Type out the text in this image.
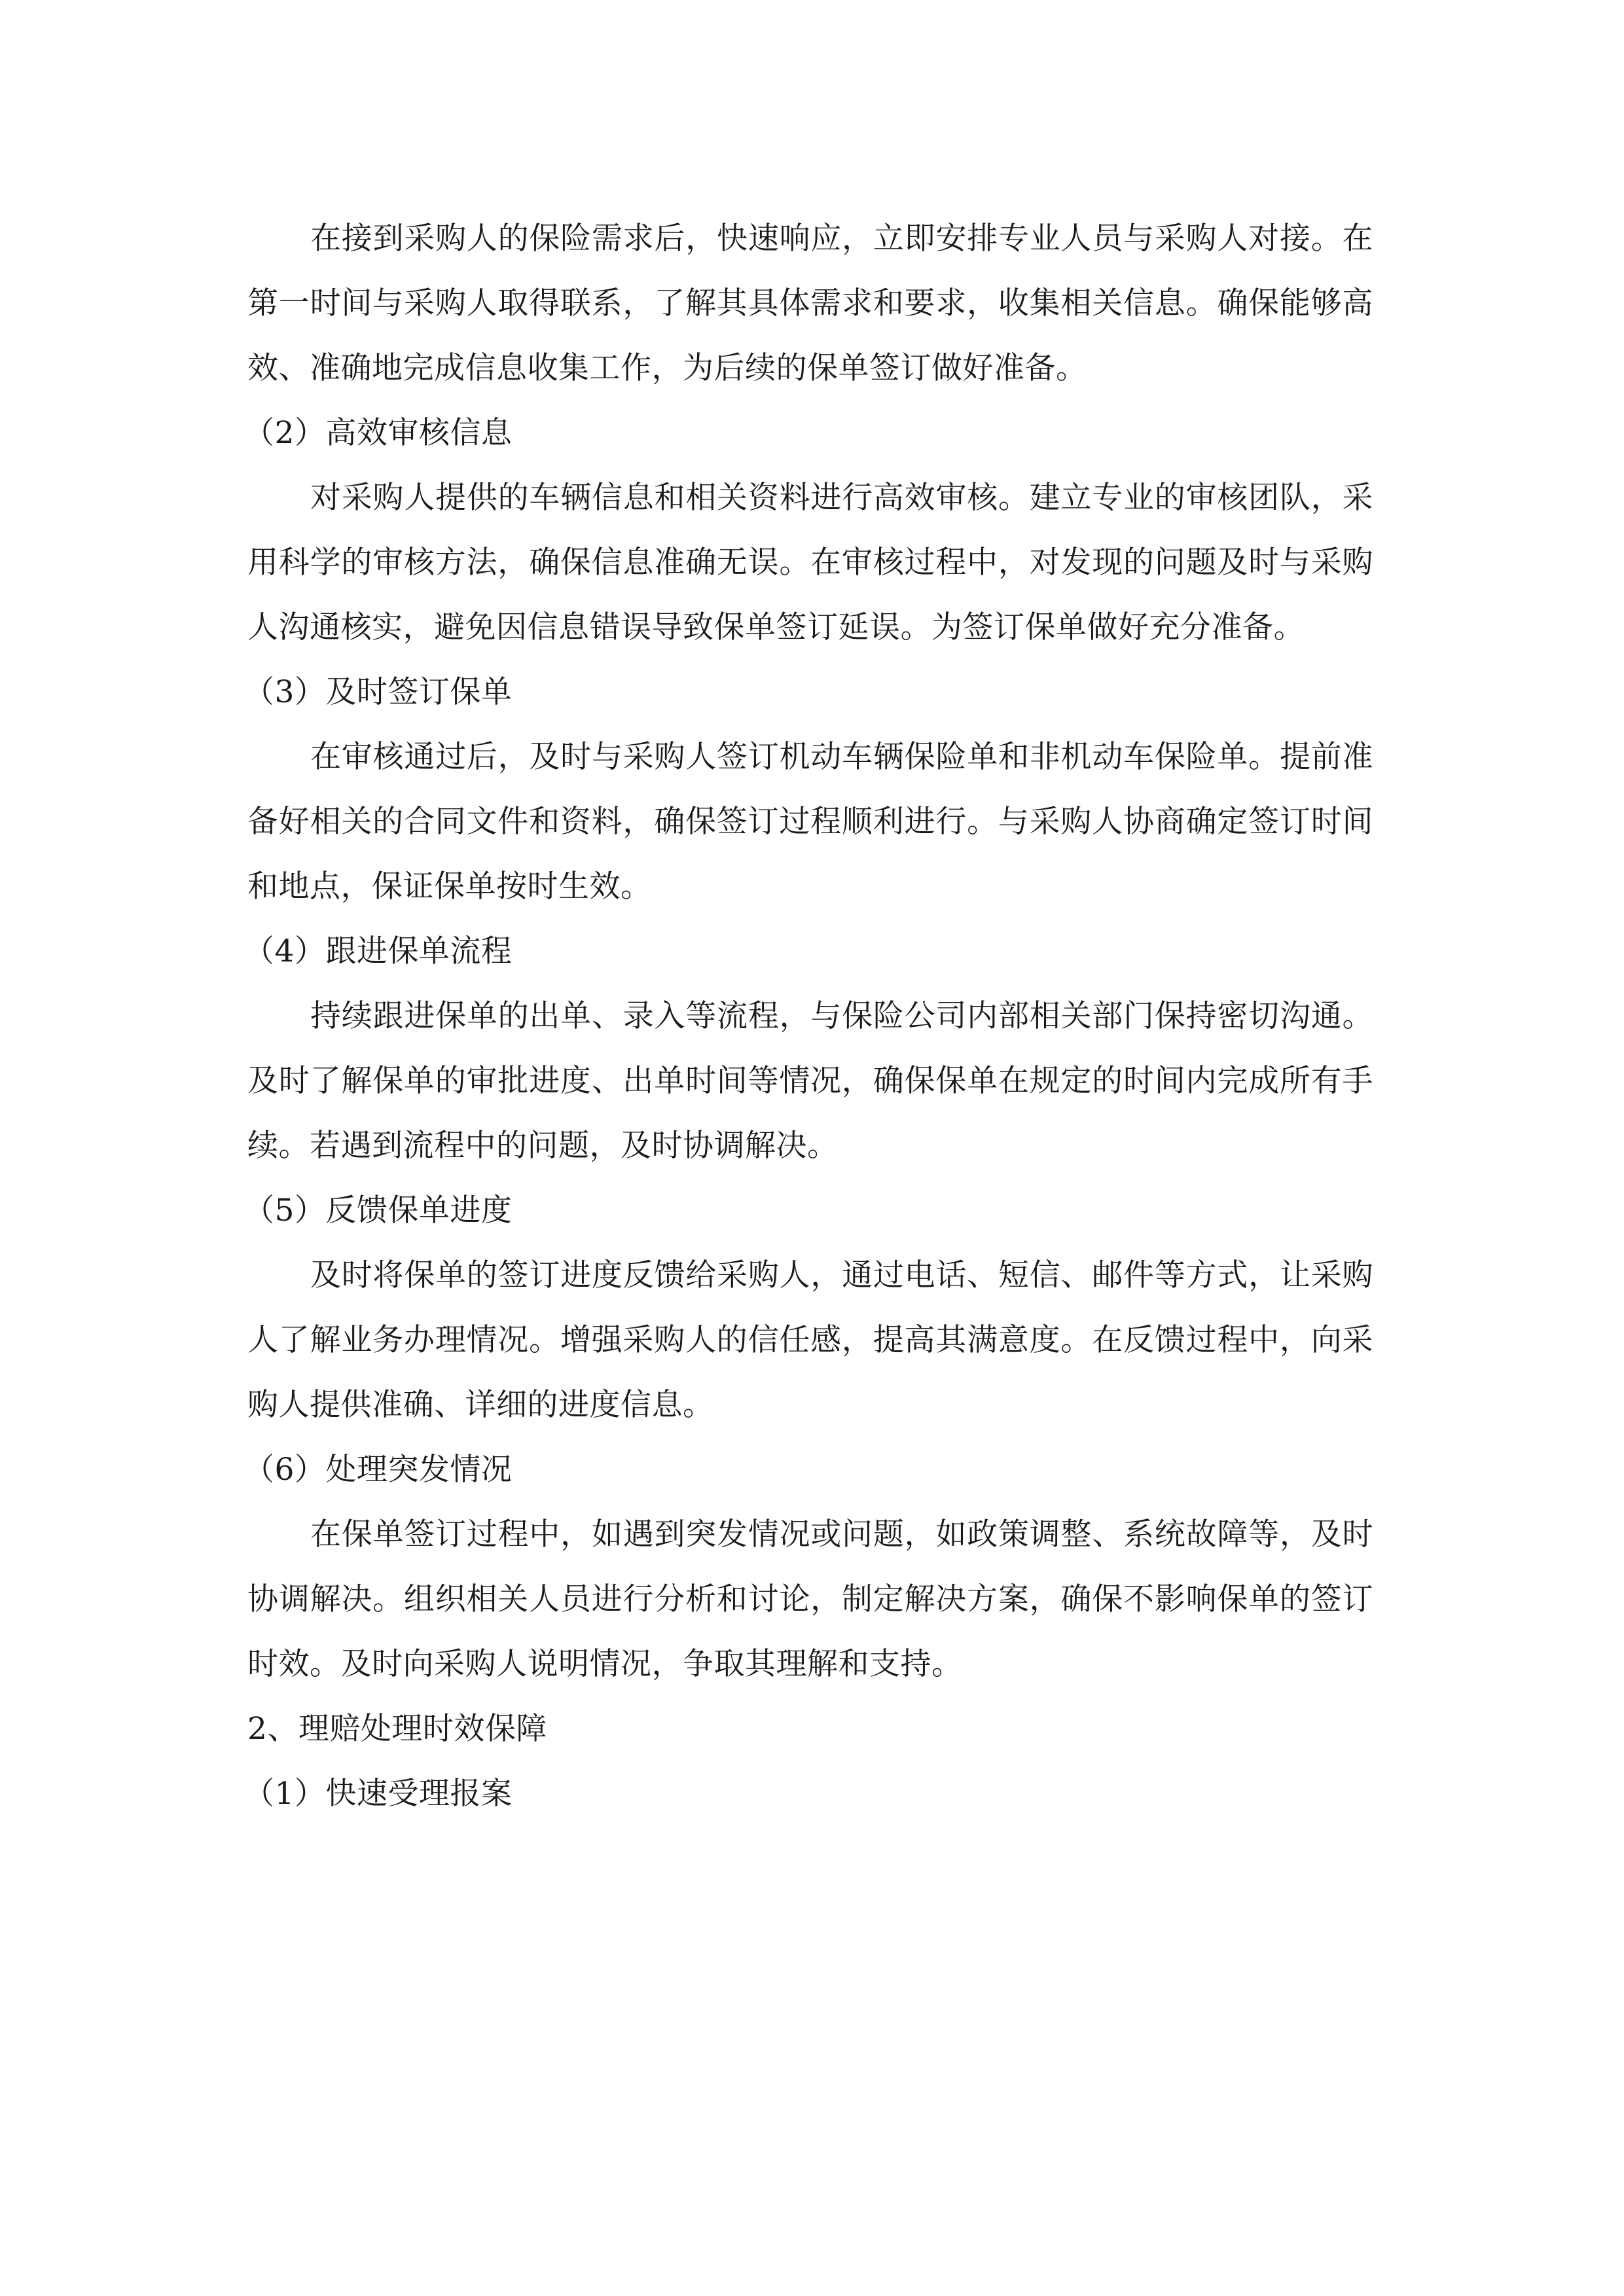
在接到采购人的保险需求后，快速响应，立即安排专业人员与采购人对接。在第一时间与采购人取得联系，了解其具体需求和要求，收集相关信息。确保能够高效、准确地完成信息收集工作，为后续的保单签订做好准备。

（2）高效审核信息

对采购人提供的车辆信息和相关资料进行高效审核。建立专业的审核团队，采用科学的审核方法，确保信息准确无误。在审核过程中，对发现的问题及时与采购人沟通核实，避免因信息错误导致保单签订延误。为签订保单做好充分准备。

（3）及时签订保单

在审核通过后，及时与采购人签订机动车辆保险单和非机动车保险单。提前准备好相关的合同文件和资料，确保签订过程顺利进行。与采购人协商确定签订时间和地点，保证保单按时生效。

（4）跟进保单流程

持续跟进保单的出单、录入等流程，与保险公司内部相关部门保持密切沟通。及时了解保单的审批进度、出单时间等情况，确保保单在规定的时间内完成所有手续。若遇到流程中的问题，及时协调解决。

（5）反馈保单进度

及时将保单的签订进度反馈给采购人，通过电话、短信、邮件等方式，让采购人了解业务办理情况。增强采购人的信任感，提高其满意度。在反馈过程中，向采购人提供准确、详细的进度信息。

（6）处理突发情况

在保单签订过程中，如遇到突发情况或问题，如政策调整、系统故障等，及时协调解决。组织相关人员进行分析和讨论，制定解决方案，确保不影响保单的签订时效。及时向采购人说明情况，争取其理解和支持。

2、理赔处理时效保障

（1）快速受理报案
